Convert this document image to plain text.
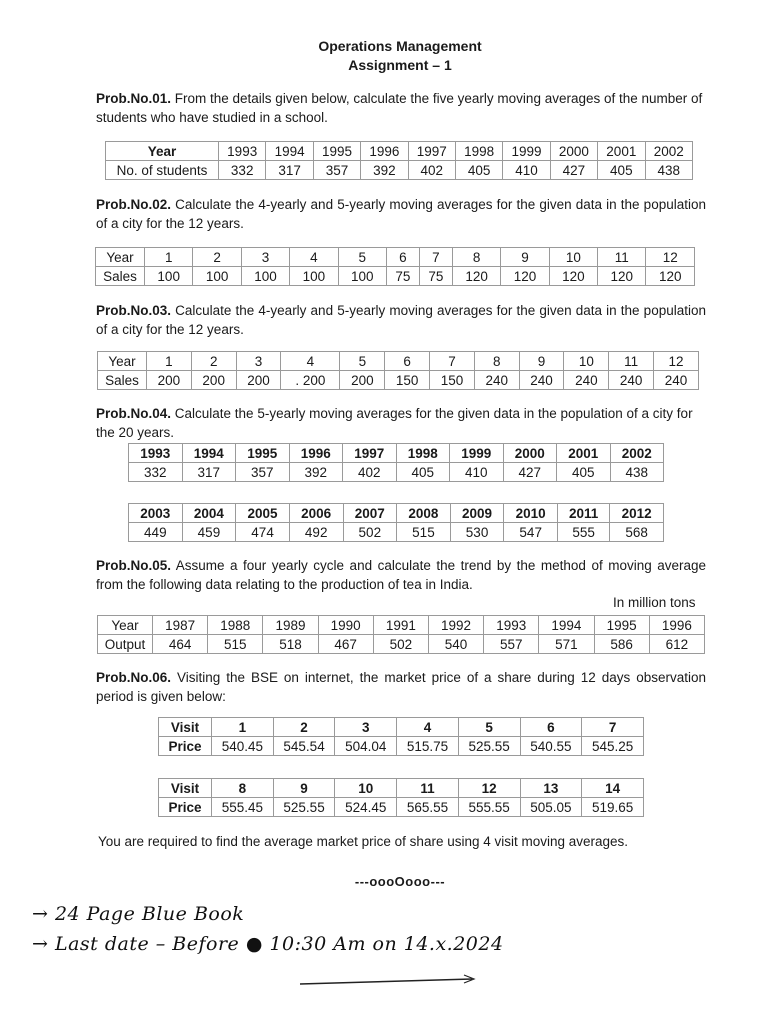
Operations Management
Assignment – 1
Prob.No.01. From the details given below, calculate the five yearly moving averages of the number of students who have studied in a school.
Year	1993	1994	1995	1996	1997	1998	1999	2000	2001	2002
No. of students	332	317	357	392	402	405	410	427	405	438
Prob.No.02. Calculate the 4-yearly and 5-yearly moving averages for the given data in the population of a city for the 12 years.
Year	1	2	3	4	5	6	7	8	9	10	11	12
Sales	100	100	100	100	100	75	75	120	120	120	120	120
Prob.No.03. Calculate the 4-yearly and 5-yearly moving averages for the given data in the population of a city for the 12 years.
Year	1	2	3	4	5	6	7	8	9	10	11	12
Sales	200	200	200	. 200	200	150	150	240	240	240	240	240
Prob.No.04. Calculate the 5-yearly moving averages for the given data in the population of a city for the 20 years.
1993	1994	1995	1996	1997	1998	1999	2000	2001	2002
332	317	357	392	402	405	410	427	405	438
2003	2004	2005	2006	2007	2008	2009	2010	2011	2012
449	459	474	492	502	515	530	547	555	568
Prob.No.05. Assume a four yearly cycle and calculate the trend by the method of moving average from the following data relating to the production of tea in India.
In million tons
Year	1987	1988	1989	1990	1991	1992	1993	1994	1995	1996
Output	464	515	518	467	502	540	557	571	586	612
Prob.No.06. Visiting the BSE on internet, the market price of a share during 12 days observation period is given below:
Visit	1	2	3	4	5	6	7
Price	540.45	545.54	504.04	515.75	525.55	540.55	545.25
Visit	8	9	10	11	12	13	14
Price	555.45	525.55	524.45	565.55	555.55	505.05	519.65
You are required to find the average market price of share using 4 visit moving averages.
---oooOooo---
→ 24 Page Blue Book
→ Last date – Before ● 10:30 Am on 14.x.2024
